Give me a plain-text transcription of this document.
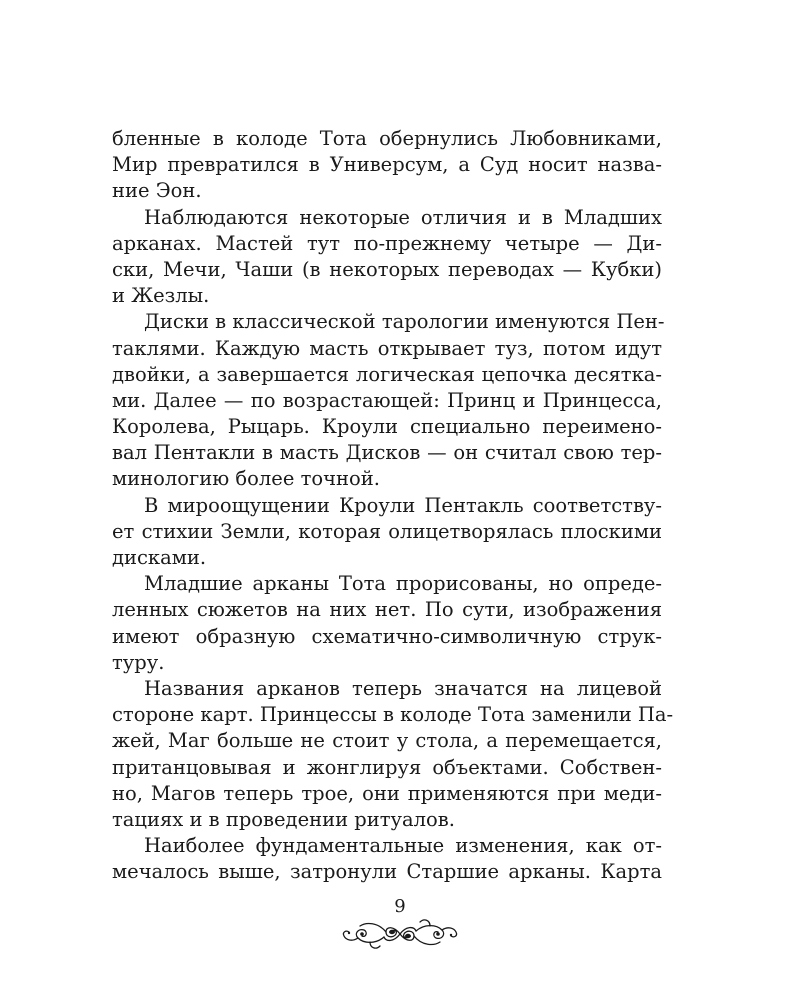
бленные в колоде Тота обернулись Любовниками,
Мир превратился в Универсум, а Суд носит назва-
ние Эон.
Наблюдаются некоторые отличия и в Младших
арканах. Мастей тут по-прежнему четыре — Ди-
ски, Мечи, Чаши (в некоторых переводах — Кубки)
и Жезлы.
Диски в классической тарологии именуются Пен-
таклями. Каждую масть открывает туз, потом идут
двойки, а завершается логическая цепочка десятка-
ми. Далее — по возрастающей: Принц и Принцесса,
Королева, Рыцарь. Кроули специально переимено-
вал Пентакли в масть Дисков — он считал свою тер-
минологию более точной.
В мироощущении Кроули Пентакль соответству-
ет стихии Земли, которая олицетворялась плоскими
дисками.
Младшие арканы Тота прорисованы, но опреде-
ленных сюжетов на них нет. По сути, изображения
имеют образную схематично-символичную струк-
туру.
Названия арканов теперь значатся на лицевой
стороне карт. Принцессы в колоде Тота заменили Па-
жей, Маг больше не стоит у стола, а перемещается,
пританцовывая и жонглируя объектами. Собствен-
но, Магов теперь трое, они применяются при меди-
тациях и в проведении ритуалов.
Наиболее фундаментальные изменения, как от-
мечалось выше, затронули Старшие арканы. Карта
9
